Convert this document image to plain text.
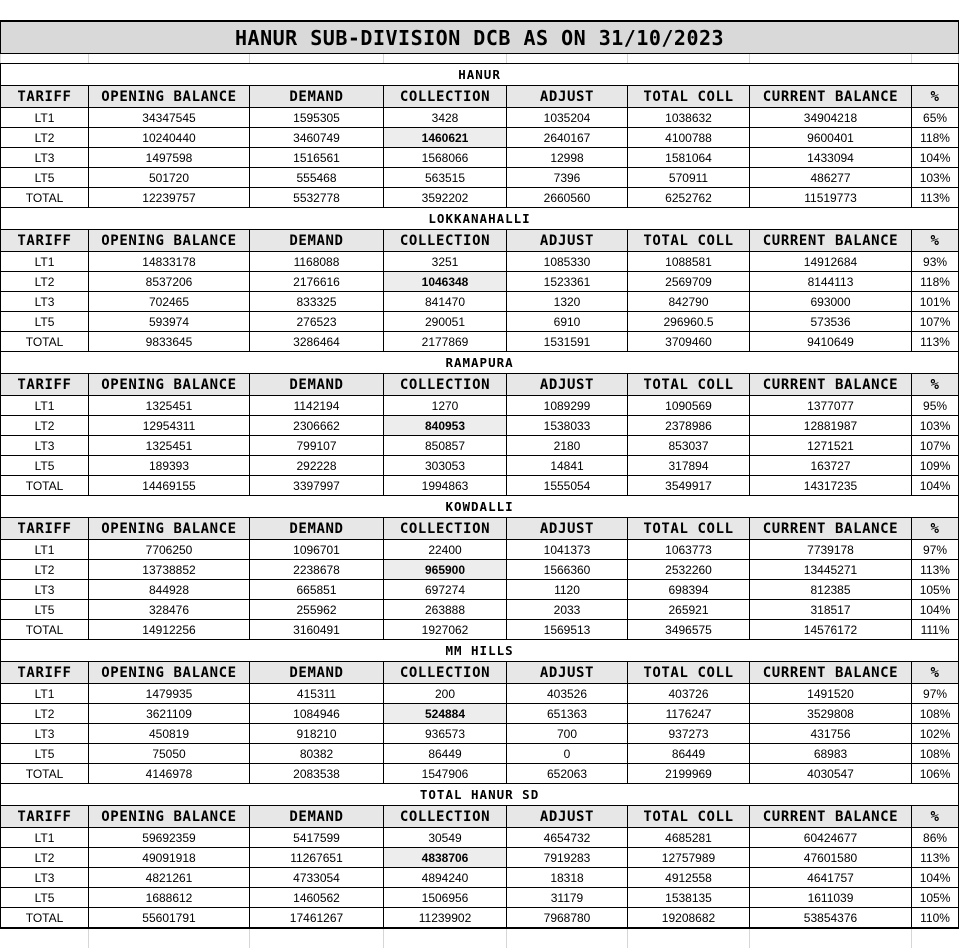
HANUR SUB-DIVISION DCB AS ON 31/10/2023							

HANUR							
TARIFF	OPENING BALANCE	DEMAND	COLLECTION	ADJUST	TOTAL COLL	CURRENT BALANCE	%
LT1	34347545	1595305	3428	1035204	1038632	34904218	65%
LT2	10240440	3460749	1460621	2640167	4100788	9600401	118%
LT3	1497598	1516561	1568066	12998	1581064	1433094	104%
LT5	501720	555468	563515	7396	570911	486277	103%
TOTAL	12239757	5532778	3592202	2660560	6252762	11519773	113%
LOKKANAHALLI							
TARIFF	OPENING BALANCE	DEMAND	COLLECTION	ADJUST	TOTAL COLL	CURRENT BALANCE	%
LT1	14833178	1168088	3251	1085330	1088581	14912684	93%
LT2	8537206	2176616	1046348	1523361	2569709	8144113	118%
LT3	702465	833325	841470	1320	842790	693000	101%
LT5	593974	276523	290051	6910	296960.5	573536	107%
TOTAL	9833645	3286464	2177869	1531591	3709460	9410649	113%
RAMAPURA							
TARIFF	OPENING BALANCE	DEMAND	COLLECTION	ADJUST	TOTAL COLL	CURRENT BALANCE	%
LT1	1325451	1142194	1270	1089299	1090569	1377077	95%
LT2	12954311	2306662	840953	1538033	2378986	12881987	103%
LT3	1325451	799107	850857	2180	853037	1271521	107%
LT5	189393	292228	303053	14841	317894	163727	109%
TOTAL	14469155	3397997	1994863	1555054	3549917	14317235	104%
KOWDALLI							
TARIFF	OPENING BALANCE	DEMAND	COLLECTION	ADJUST	TOTAL COLL	CURRENT BALANCE	%
LT1	7706250	1096701	22400	1041373	1063773	7739178	97%
LT2	13738852	2238678	965900	1566360	2532260	13445271	113%
LT3	844928	665851	697274	1120	698394	812385	105%
LT5	328476	255962	263888	2033	265921	318517	104%
TOTAL	14912256	3160491	1927062	1569513	3496575	14576172	111%
MM HILLS							
TARIFF	OPENING BALANCE	DEMAND	COLLECTION	ADJUST	TOTAL COLL	CURRENT BALANCE	%
LT1	1479935	415311	200	403526	403726	1491520	97%
LT2	3621109	1084946	524884	651363	1176247	3529808	108%
LT3	450819	918210	936573	700	937273	431756	102%
LT5	75050	80382	86449	0	86449	68983	108%
TOTAL	4146978	2083538	1547906	652063	2199969	4030547	106%
TOTAL HANUR SD							
TARIFF	OPENING BALANCE	DEMAND	COLLECTION	ADJUST	TOTAL COLL	CURRENT BALANCE	%
LT1	59692359	5417599	30549	4654732	4685281	60424677	86%
LT2	49091918	11267651	4838706	7919283	12757989	47601580	113%
LT3	4821261	4733054	4894240	18318	4912558	4641757	104%
LT5	1688612	1460562	1506956	31179	1538135	1611039	105%
TOTAL	55601791	17461267	11239902	7968780	19208682	53854376	110%
